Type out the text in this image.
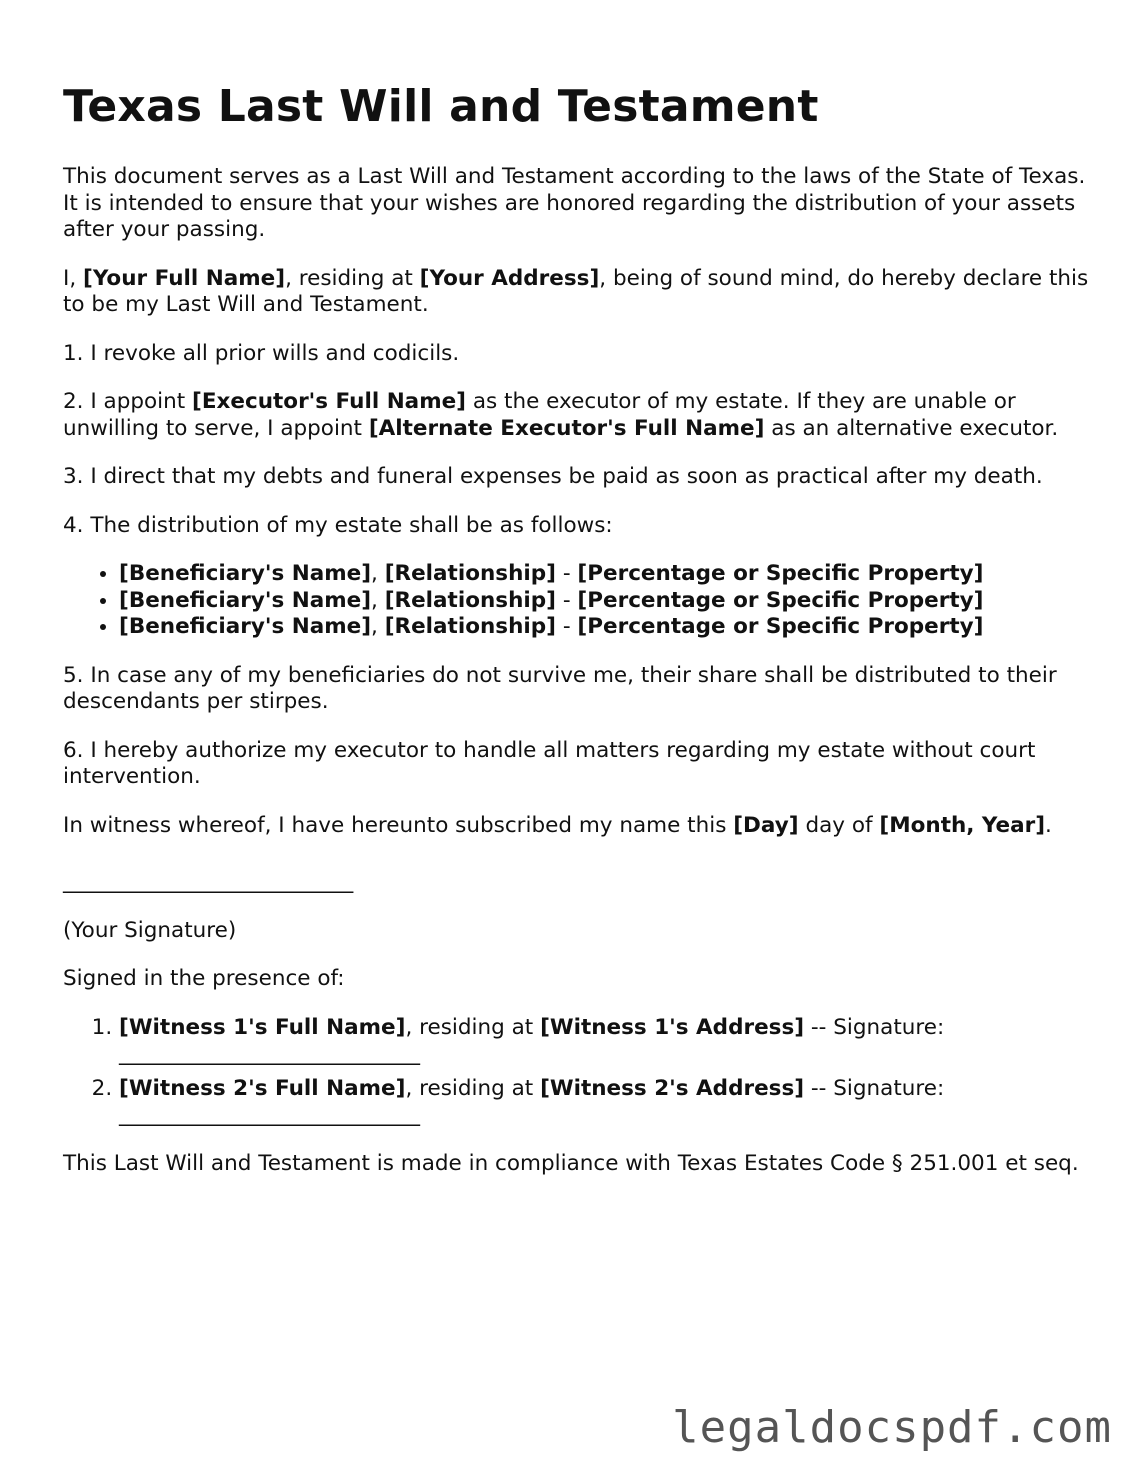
Texas Last Will and Testament

This document serves as a Last Will and Testament according to the laws of the State of Texas. It is intended to ensure that your wishes are honored regarding the distribution of your assets after your passing.

I, [Your Full Name], residing at [Your Address], being of sound mind, do hereby declare this to be my Last Will and Testament.

1. I revoke all prior wills and codicils.

2. I appoint [Executor's Full Name] as the executor of my estate. If they are unable or unwilling to serve, I appoint [Alternate Executor's Full Name] as an alternative executor.

3. I direct that my debts and funeral expenses be paid as soon as practical after my death.

4. The distribution of my estate shall be as follows:

• [Beneficiary's Name], [Relationship] - [Percentage or Specific Property]
• [Beneficiary's Name], [Relationship] - [Percentage or Specific Property]
• [Beneficiary's Name], [Relationship] - [Percentage or Specific Property]

5. In case any of my beneficiaries do not survive me, their share shall be distributed to their descendants per stirpes.

6. I hereby authorize my executor to handle all matters regarding my estate without court intervention.

In witness whereof, I have hereunto subscribed my name this [Day] day of [Month, Year].

___________________________

(Your Signature)

Signed in the presence of:

1. [Witness 1's Full Name], residing at [Witness 1's Address] -- Signature: ____________________________
2. [Witness 2's Full Name], residing at [Witness 2's Address] -- Signature: ____________________________

This Last Will and Testament is made in compliance with Texas Estates Code § 251.001 et seq.

legaldocspdf.com
